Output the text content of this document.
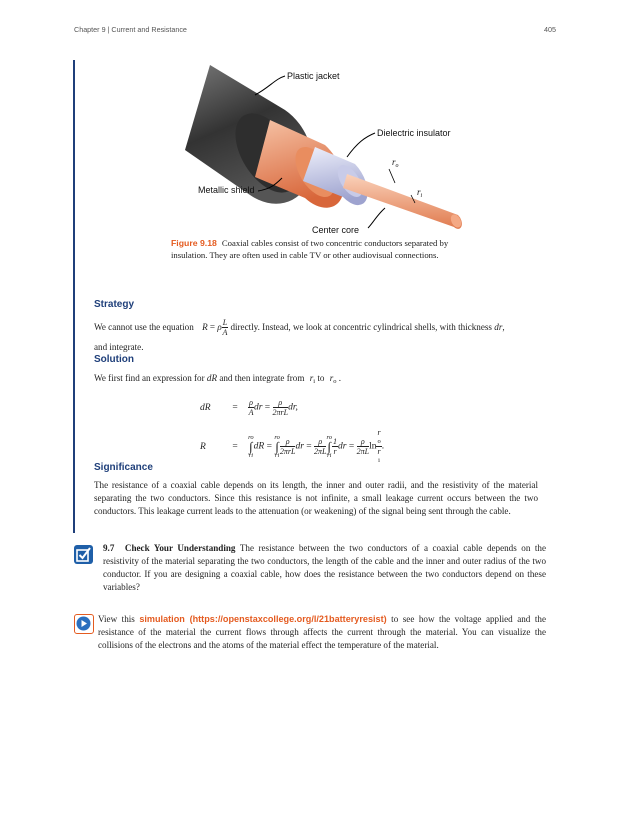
Chapter 9 | Current and Resistance	405
Plastic jacket
Dielectric insulator
$r_o$
$r_i$
Metallic shield
Center core
Figure 9.18 Coaxial cables consist of two concentric conductors separated by insulation. They are often used in cable TV or other audiovisual connections.
Strategy
We cannot use the equation R = ρ $\frac{L}{A}$ directly. Instead, we look at concentric cylindrical shells, with thickness dr,
and integrate.
Solution
We first find an expression for dR and then integrate from $r_i$ to $r_o$ .
dR = $\frac{\rho}{A}$ dr = $\frac{\rho}{\text{2πrL}}$ dr,
R	=
ro
∫
ri
dR =
ro
∫
ri $\frac{\rho}{\text{2πrL}}$ dr = $\frac{\rho}{2\pi L}$ ro
∫
ri $\frac{1}{r}$ dr = $\frac{\rho}{2\pi L}$ ln r
o
r
i .
Significance
The resistance of a coaxial cable depends on its length, the inner and outer radii, and the resistivity of the material separating the two conductors. Since this resistance is not infinite, a small leakage current occurs between the two conductors. This leakage current leads to the attenuation (or weakening) of the signal being sent through the cable.
9.7 Check Your Understanding The resistance between the two conductors of a coaxial cable depends on the resistivity of the material separating the two conductors, the length of the cable and the inner and outer radius of the two conductor. If you are designing a coaxial cable, how does the resistance between the two conductors depend on these variables?
View this simulation (https://openstaxcollege.org/l/21batteryresist) to see how the voltage applied and the resistance of the material the current flows through affects the current through the material. You can visualize the collisions of the electrons and the atoms of the material effect the temperature of the material.
